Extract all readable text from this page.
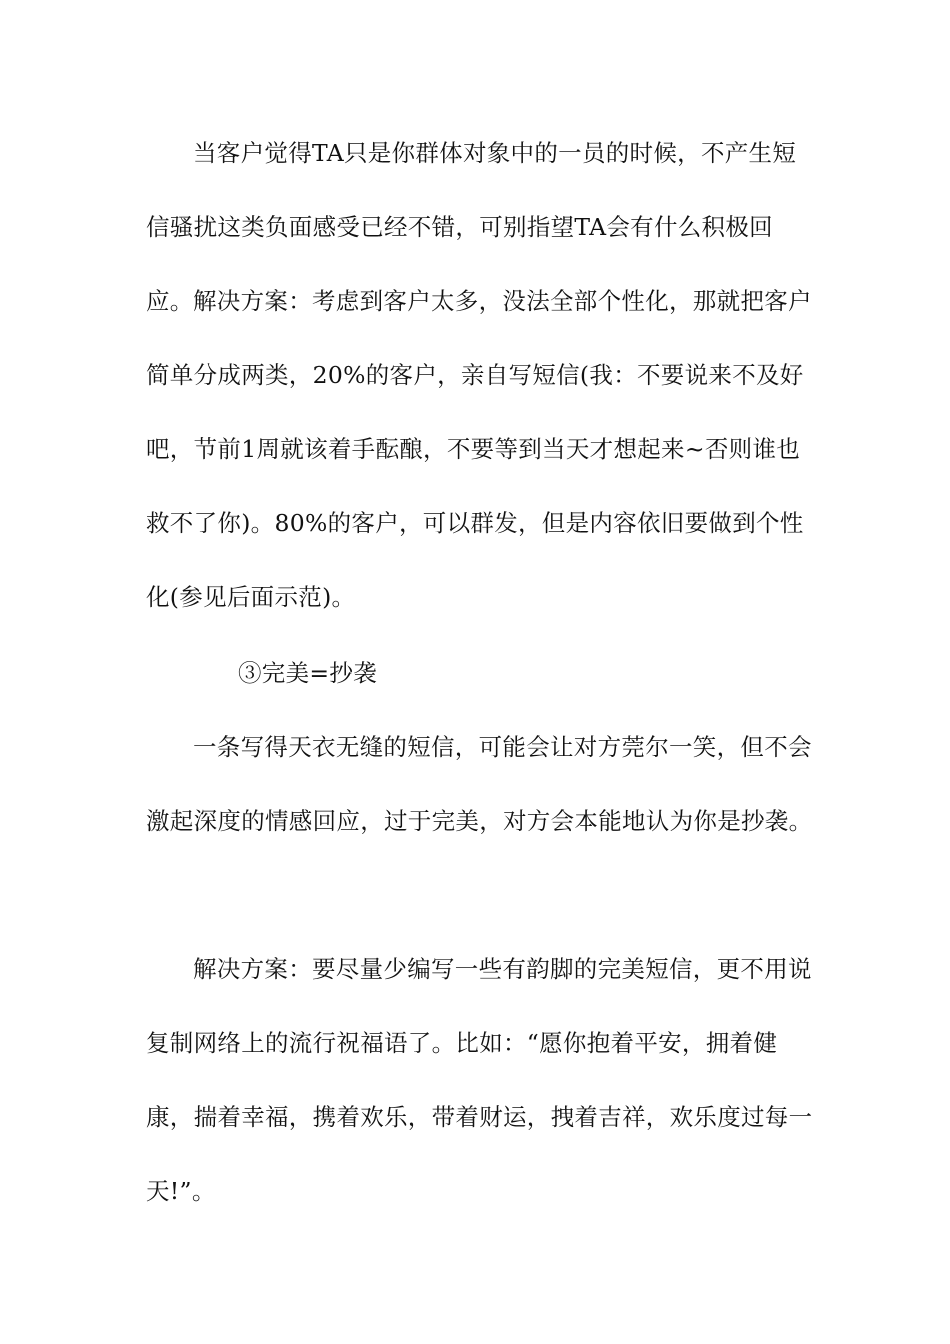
当客户觉得TA只是你群体对象中的一员的时候，不产生短信骚扰这类负面感受已经不错，可别指望TA会有什么积极回应。 解决方案：考虑到客户太多，没法全部个性化，那就把客户简单分成两类，20%的客户，亲自写短信(我：不要说来不及好吧，节前1周就该着手酝酿，不要等到当天才想起来~否则谁也救不了你)。80%的客户，可以群发，但是内容依旧要做到个性化(参见后面示范)。

③完美=抄袭

一条写得天衣无缝的短信，可能会让对方莞尔一笑，但不会激起深度的情感回应，过于完美，对方会本能地认为你是抄袭。

解决方案：要尽量少编写一些有韵脚的完美短信，更不用说复制网络上的流行祝福语了。比如：“愿你抱着平安，拥着健康，揣着幸福，携着欢乐，带着财运，拽着吉祥，欢乐度过每一天!”。
